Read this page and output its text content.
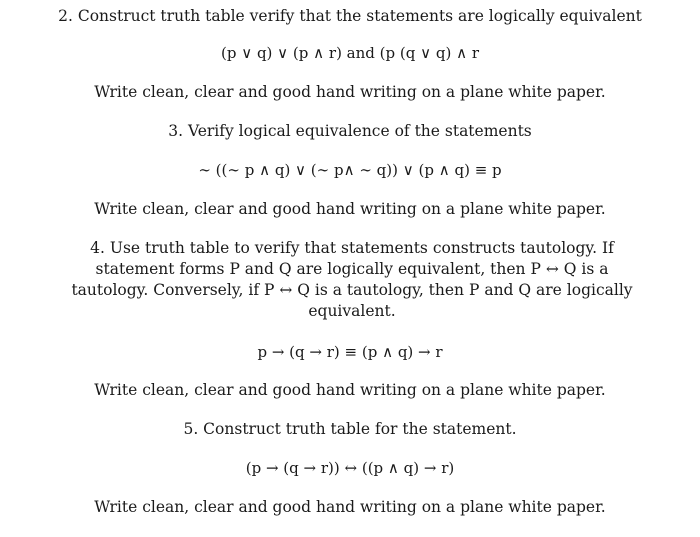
2. Construct truth table verify that the statements are logically equivalent
(p ∨ q) ∨ (p ∧ r) and (p (q ∨ q) ∧ r
Write clean, clear and good hand writing on a plane white paper.
3. Verify logical equivalence of the statements
∼ ((∼ p ∧ q) ∨ (∼ p∧ ∼ q)) ∨ (p ∧ q) ≡ p
Write clean, clear and good hand writing on a plane white paper.
4. Use truth table to verify that statements constructs tautology. If statement forms P and Q are logically equivalent, then P ↔ Q is a tautology. Conversely, if P ↔ Q is a tautology, then P and Q are logically equivalent.
p → (q → r) ≡ (p ∧ q) → r
Write clean, clear and good hand writing on a plane white paper.
5. Construct truth table for the statement.
(p → (q → r)) ↔ ((p ∧ q) → r)
Write clean, clear and good hand writing on a plane white paper.
